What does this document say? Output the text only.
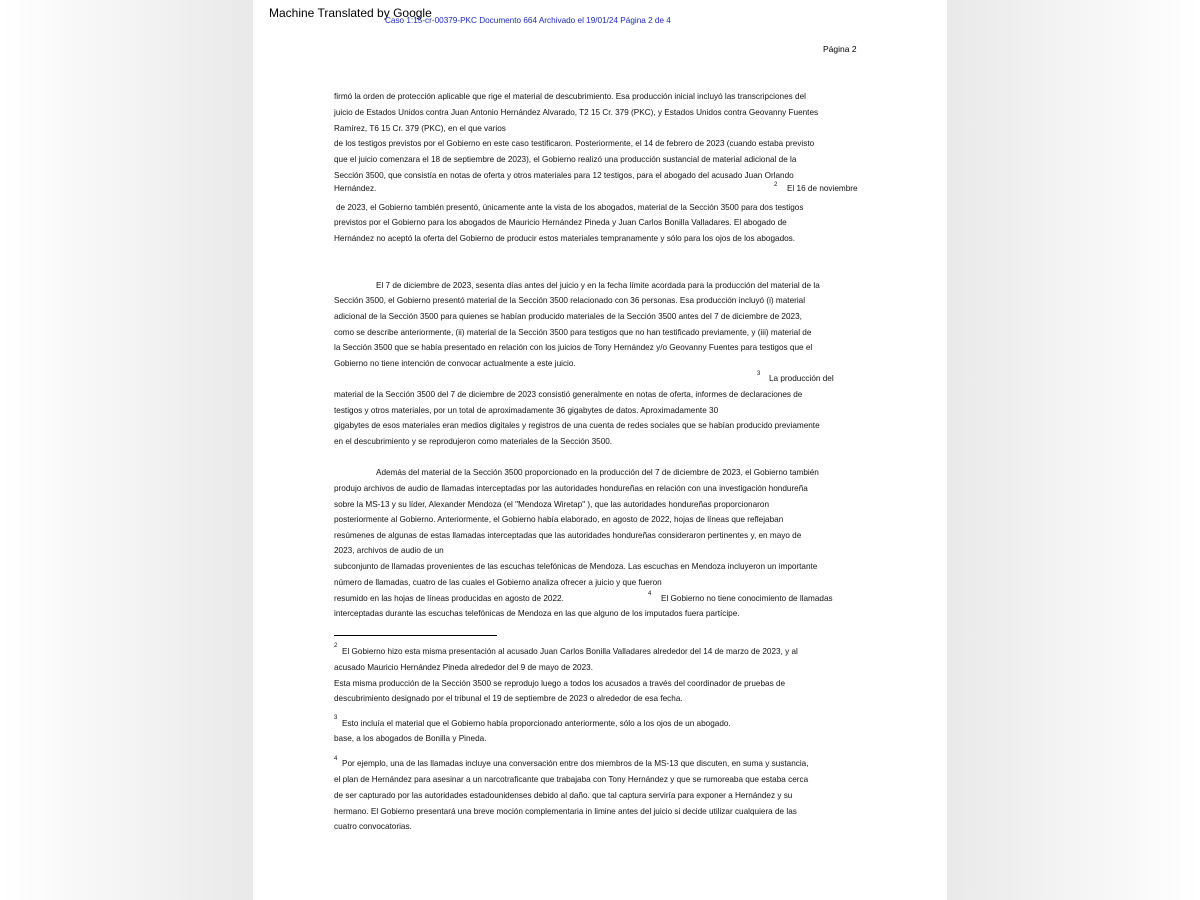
Machine Translated by Google
Caso 1:15-cr-00379-PKC Documento 664 Archivado el 19/01/24 Página 2 de 4
Página 2
firmó la orden de protección aplicable que rige el material de descubrimiento. Esa producción inicial incluyó las transcripciones del
juicio de Estados Unidos contra Juan Antonio Hernández Alvarado, T2 15 Cr. 379 (PKC), y Estados Unidos contra Geovanny Fuentes
Ramírez, T6 15 Cr. 379 (PKC), en el que varios
de los testigos previstos por el Gobierno en este caso testificaron. Posteriormente, el 14 de febrero de 2023 (cuando estaba previsto
que el juicio comenzara el 18 de septiembre de 2023), el Gobierno realizó una producción sustancial de material adicional de la
Sección 3500, que consistía en notas de oferta y otros materiales para 12 testigos, para el abogado del acusado Juan Orlando
Hernández.	2 El 16 de noviembre
de 2023, el Gobierno también presentó, únicamente ante la vista de los abogados, material de la Sección 3500 para dos testigos
previstos por el Gobierno para los abogados de Mauricio Hernández Pineda y Juan Carlos Bonilla Valladares. El abogado de
Hernández no aceptó la oferta del Gobierno de producir estos materiales tempranamente y sólo para los ojos de los abogados.
El 7 de diciembre de 2023, sesenta días antes del juicio y en la fecha límite acordada para la producción del material de la
Sección 3500, el Gobierno presentó material de la Sección 3500 relacionado con 36 personas. Esa producción incluyó (i) material
adicional de la Sección 3500 para quienes se habían producido materiales de la Sección 3500 antes del 7 de diciembre de 2023,
como se describe anteriormente, (ii) material de la Sección 3500 para testigos que no han testificado previamente, y (iii) material de
la Sección 3500 que se había presentado en relación con los juicios de Tony Hernández y/o Geovanny Fuentes para testigos que el
Gobierno no tiene intención de convocar actualmente a este juicio.
3 La producción del
material de la Sección 3500 del 7 de diciembre de 2023 consistió generalmente en notas de oferta, informes de declaraciones de
testigos y otros materiales, por un total de aproximadamente 36 gigabytes de datos. Aproximadamente 30
gigabytes de esos materiales eran medios digitales y registros de una cuenta de redes sociales que se habían producido previamente
en el descubrimiento y se reprodujeron como materiales de la Sección 3500.
Además del material de la Sección 3500 proporcionado en la producción del 7 de diciembre de 2023, el Gobierno también
produjo archivos de audio de llamadas interceptadas por las autoridades hondureñas en relación con una investigación hondureña
sobre la MS-13 y su líder, Alexander Mendoza (el "Mendoza Wiretap" ), que las autoridades hondureñas proporcionaron
posteriormente al Gobierno. Anteriormente, el Gobierno había elaborado, en agosto de 2022, hojas de líneas que reflejaban
resúmenes de algunas de estas llamadas interceptadas que las autoridades hondureñas consideraron pertinentes y, en mayo de
2023, archivos de audio de un
subconjunto de llamadas provenientes de las escuchas telefónicas de Mendoza. Las escuchas en Mendoza incluyeron un importante
número de llamadas, cuatro de las cuales el Gobierno analiza ofrecer a juicio y que fueron
resumido en las hojas de líneas producidas en agosto de 2022.	4 El Gobierno no tiene conocimiento de llamadas
interceptadas durante las escuchas telefónicas de Mendoza en las que alguno de los imputados fuera partícipe.
2
El Gobierno hizo esta misma presentación al acusado Juan Carlos Bonilla Valladares alrededor del 14 de marzo de 2023, y al
acusado Mauricio Hernández Pineda alrededor del 9 de mayo de 2023.
Esta misma producción de la Sección 3500 se reprodujo luego a todos los acusados a través del coordinador de pruebas de
descubrimiento designado por el tribunal el 19 de septiembre de 2023 o alrededor de esa fecha.
3
Esto incluía el material que el Gobierno había proporcionado anteriormente, sólo a los ojos de un abogado.
base, a los abogados de Bonilla y Pineda.
4 Por ejemplo, una de las llamadas incluye una conversación entre dos miembros de la MS-13 que discuten, en suma y sustancia,
el plan de Hernández para asesinar a un narcotraficante que trabajaba con Tony Hernández y que se rumoreaba que estaba cerca
de ser capturado por las autoridades estadounidenses debido al daño. que tal captura serviría para exponer a Hernández y su
hermano. El Gobierno presentará una breve moción complementaria in limine antes del juicio si decide utilizar cualquiera de las
cuatro convocatorias.
